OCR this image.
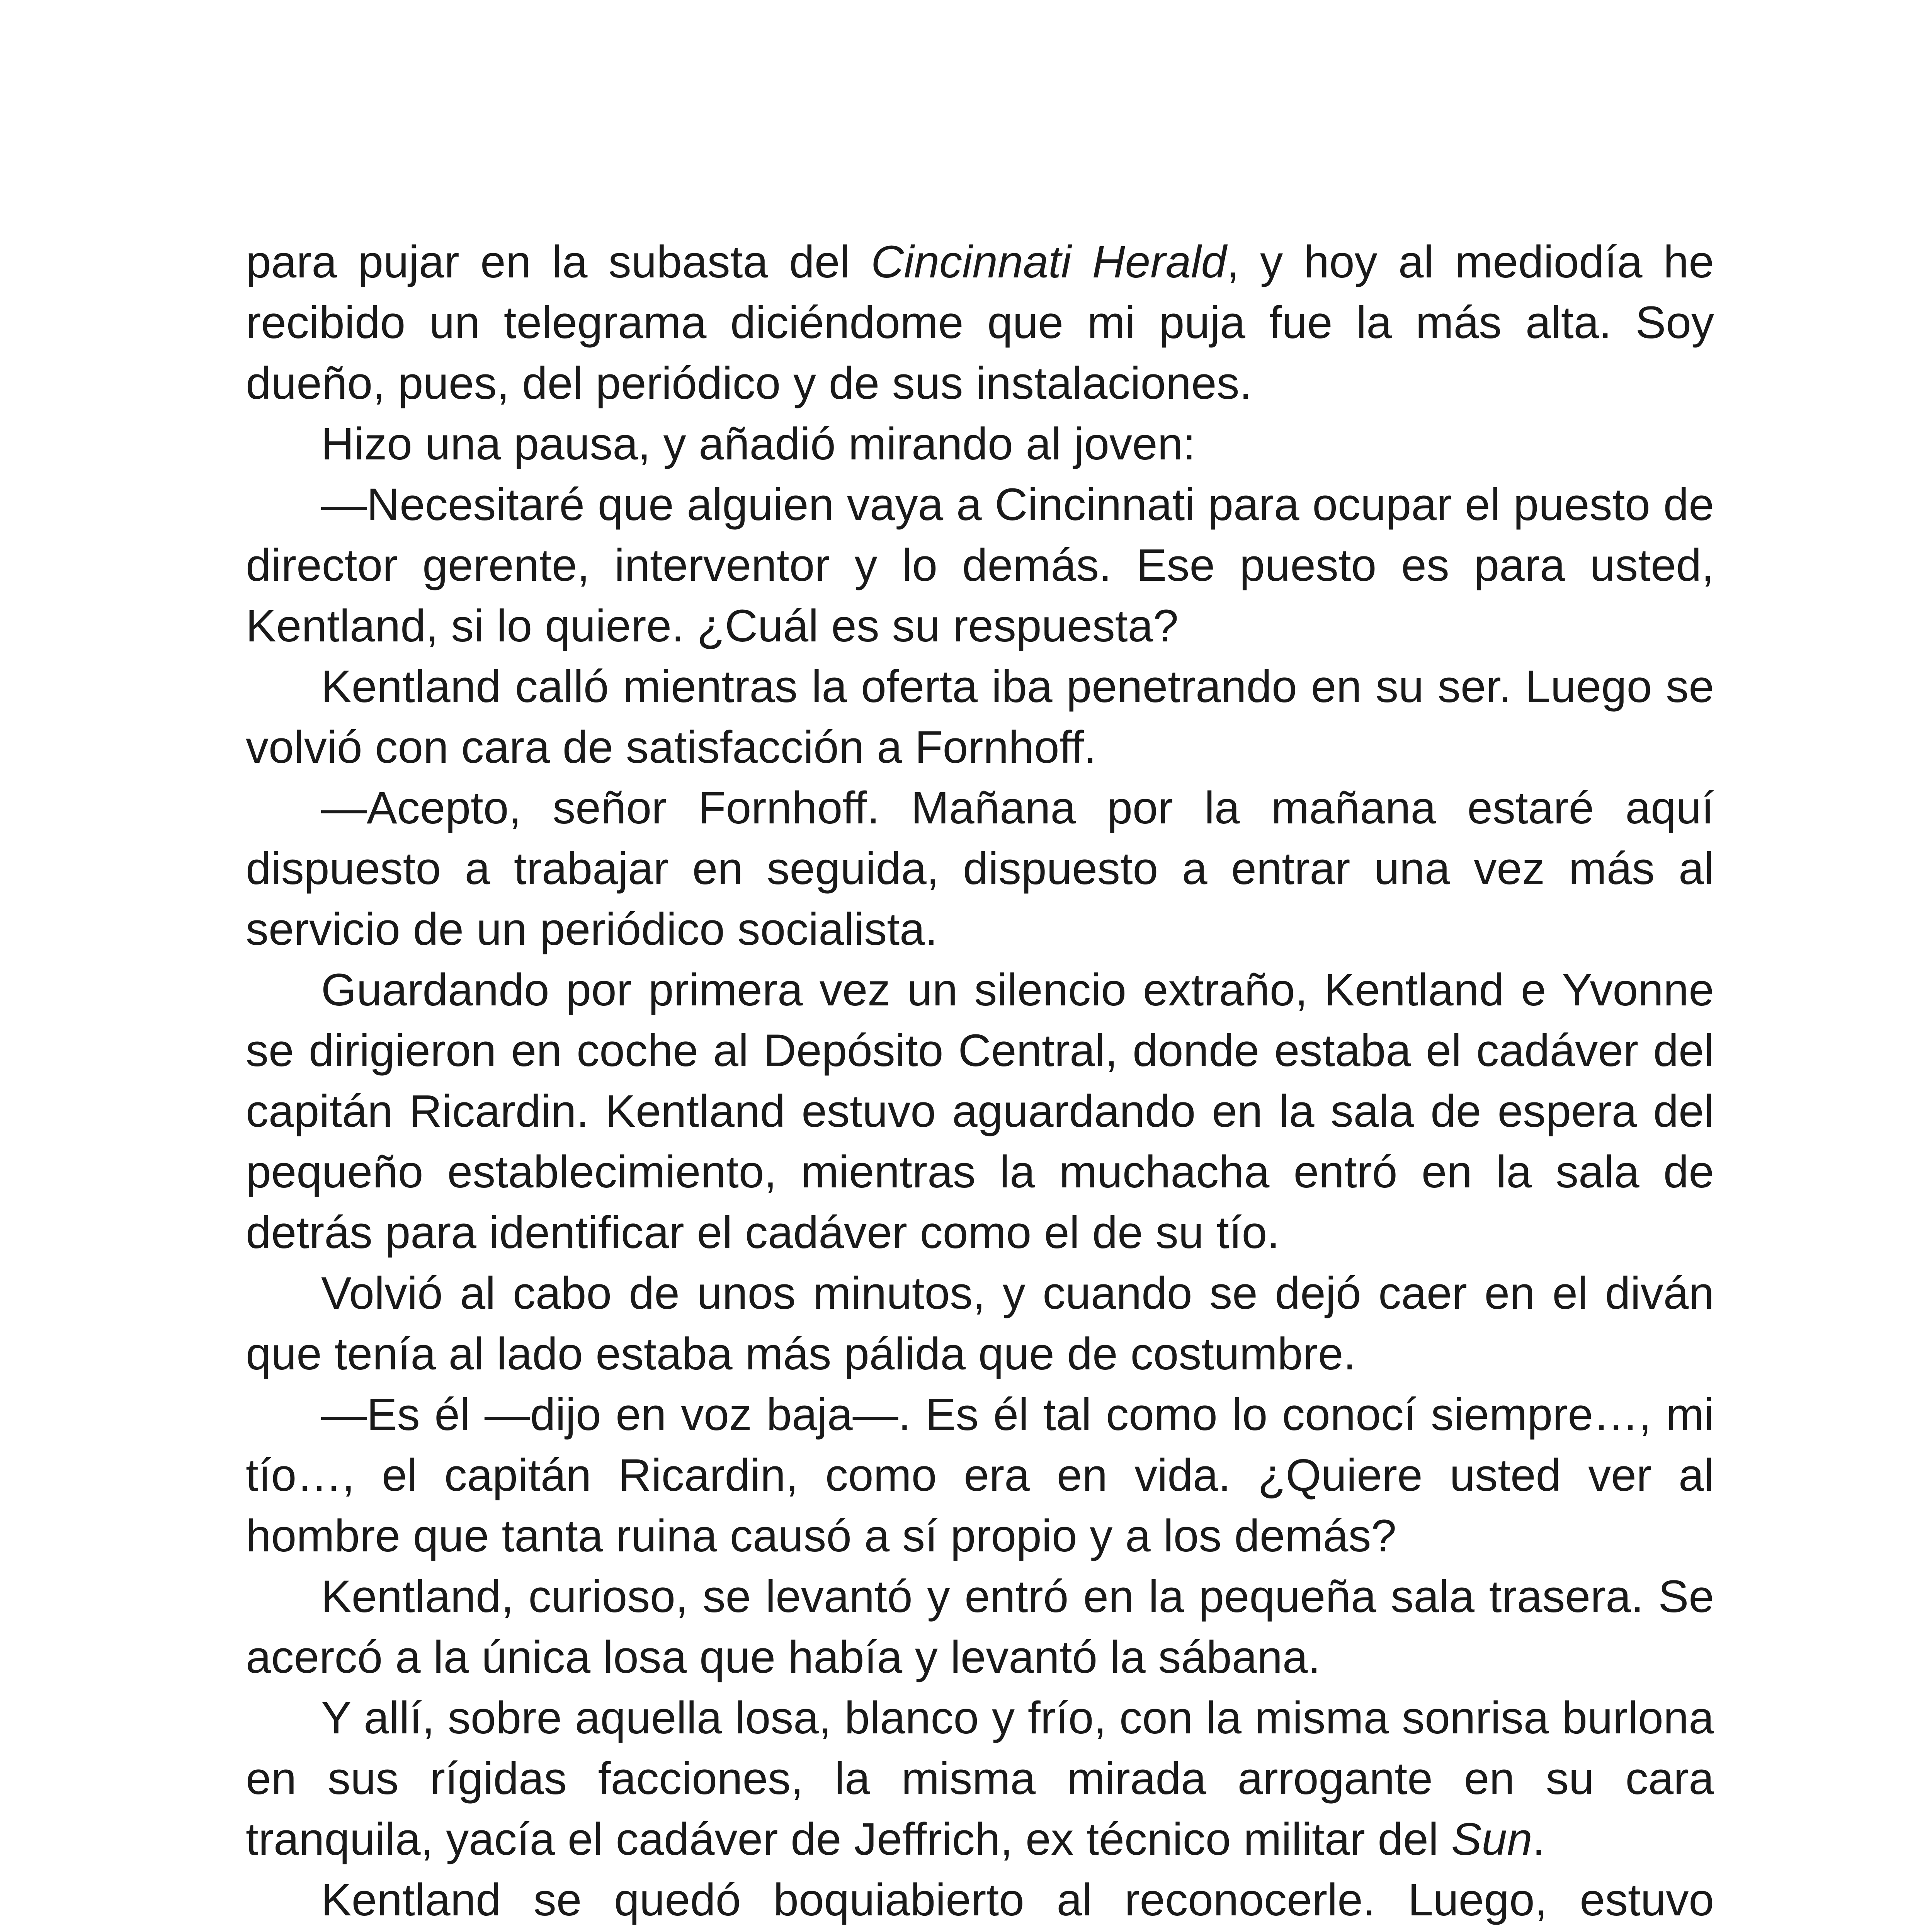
para pujar en la subasta del Cincinnati Herald, y hoy al mediodía he recibido un telegrama diciéndome que mi puja fue la más alta. Soy dueño, pues, del periódico y de sus instalaciones.

Hizo una pausa, y añadió mirando al joven:

—Necesitaré que alguien vaya a Cincinnati para ocupar el puesto de director gerente, interventor y lo demás. Ese puesto es para usted, Kentland, si lo quiere. ¿Cuál es su respuesta?

Kentland calló mientras la oferta iba penetrando en su ser. Luego se volvió con cara de satisfacción a Fornhoff.

—Acepto, señor Fornhoff. Mañana por la mañana estaré aquí dispuesto a trabajar en seguida, dispuesto a entrar una vez más al servicio de un periódico socialista.

Guardando por primera vez un silencio extraño, Kentland e Yvonne se dirigieron en coche al Depósito Central, donde estaba el cadáver del capitán Ricardin. Kentland estuvo aguardando en la sala de espera del pequeño establecimiento, mientras la muchacha entró en la sala de detrás para identificar el cadáver como el de su tío.

Volvió al cabo de unos minutos, y cuando se dejó caer en el diván que tenía al lado estaba más pálida que de costumbre.

—Es él —dijo en voz baja—. Es él tal como lo conocí siempre…, mi tío…, el capitán Ricardin, como era en vida. ¿Quiere usted ver al hombre que tanta ruina causó a sí propio y a los demás?

Kentland, curioso, se levantó y entró en la pequeña sala trasera. Se acercó a la única losa que había y levantó la sábana.

Y allí, sobre aquella losa, blanco y frío, con la misma sonrisa burlona en sus rígidas facciones, la misma mirada arrogante en su cara tranquila, yacía el cadáver de Jeffrich, ex técnico militar del Sun.

Kentland se quedó boquiabierto al reconocerle. Luego, estuvo
